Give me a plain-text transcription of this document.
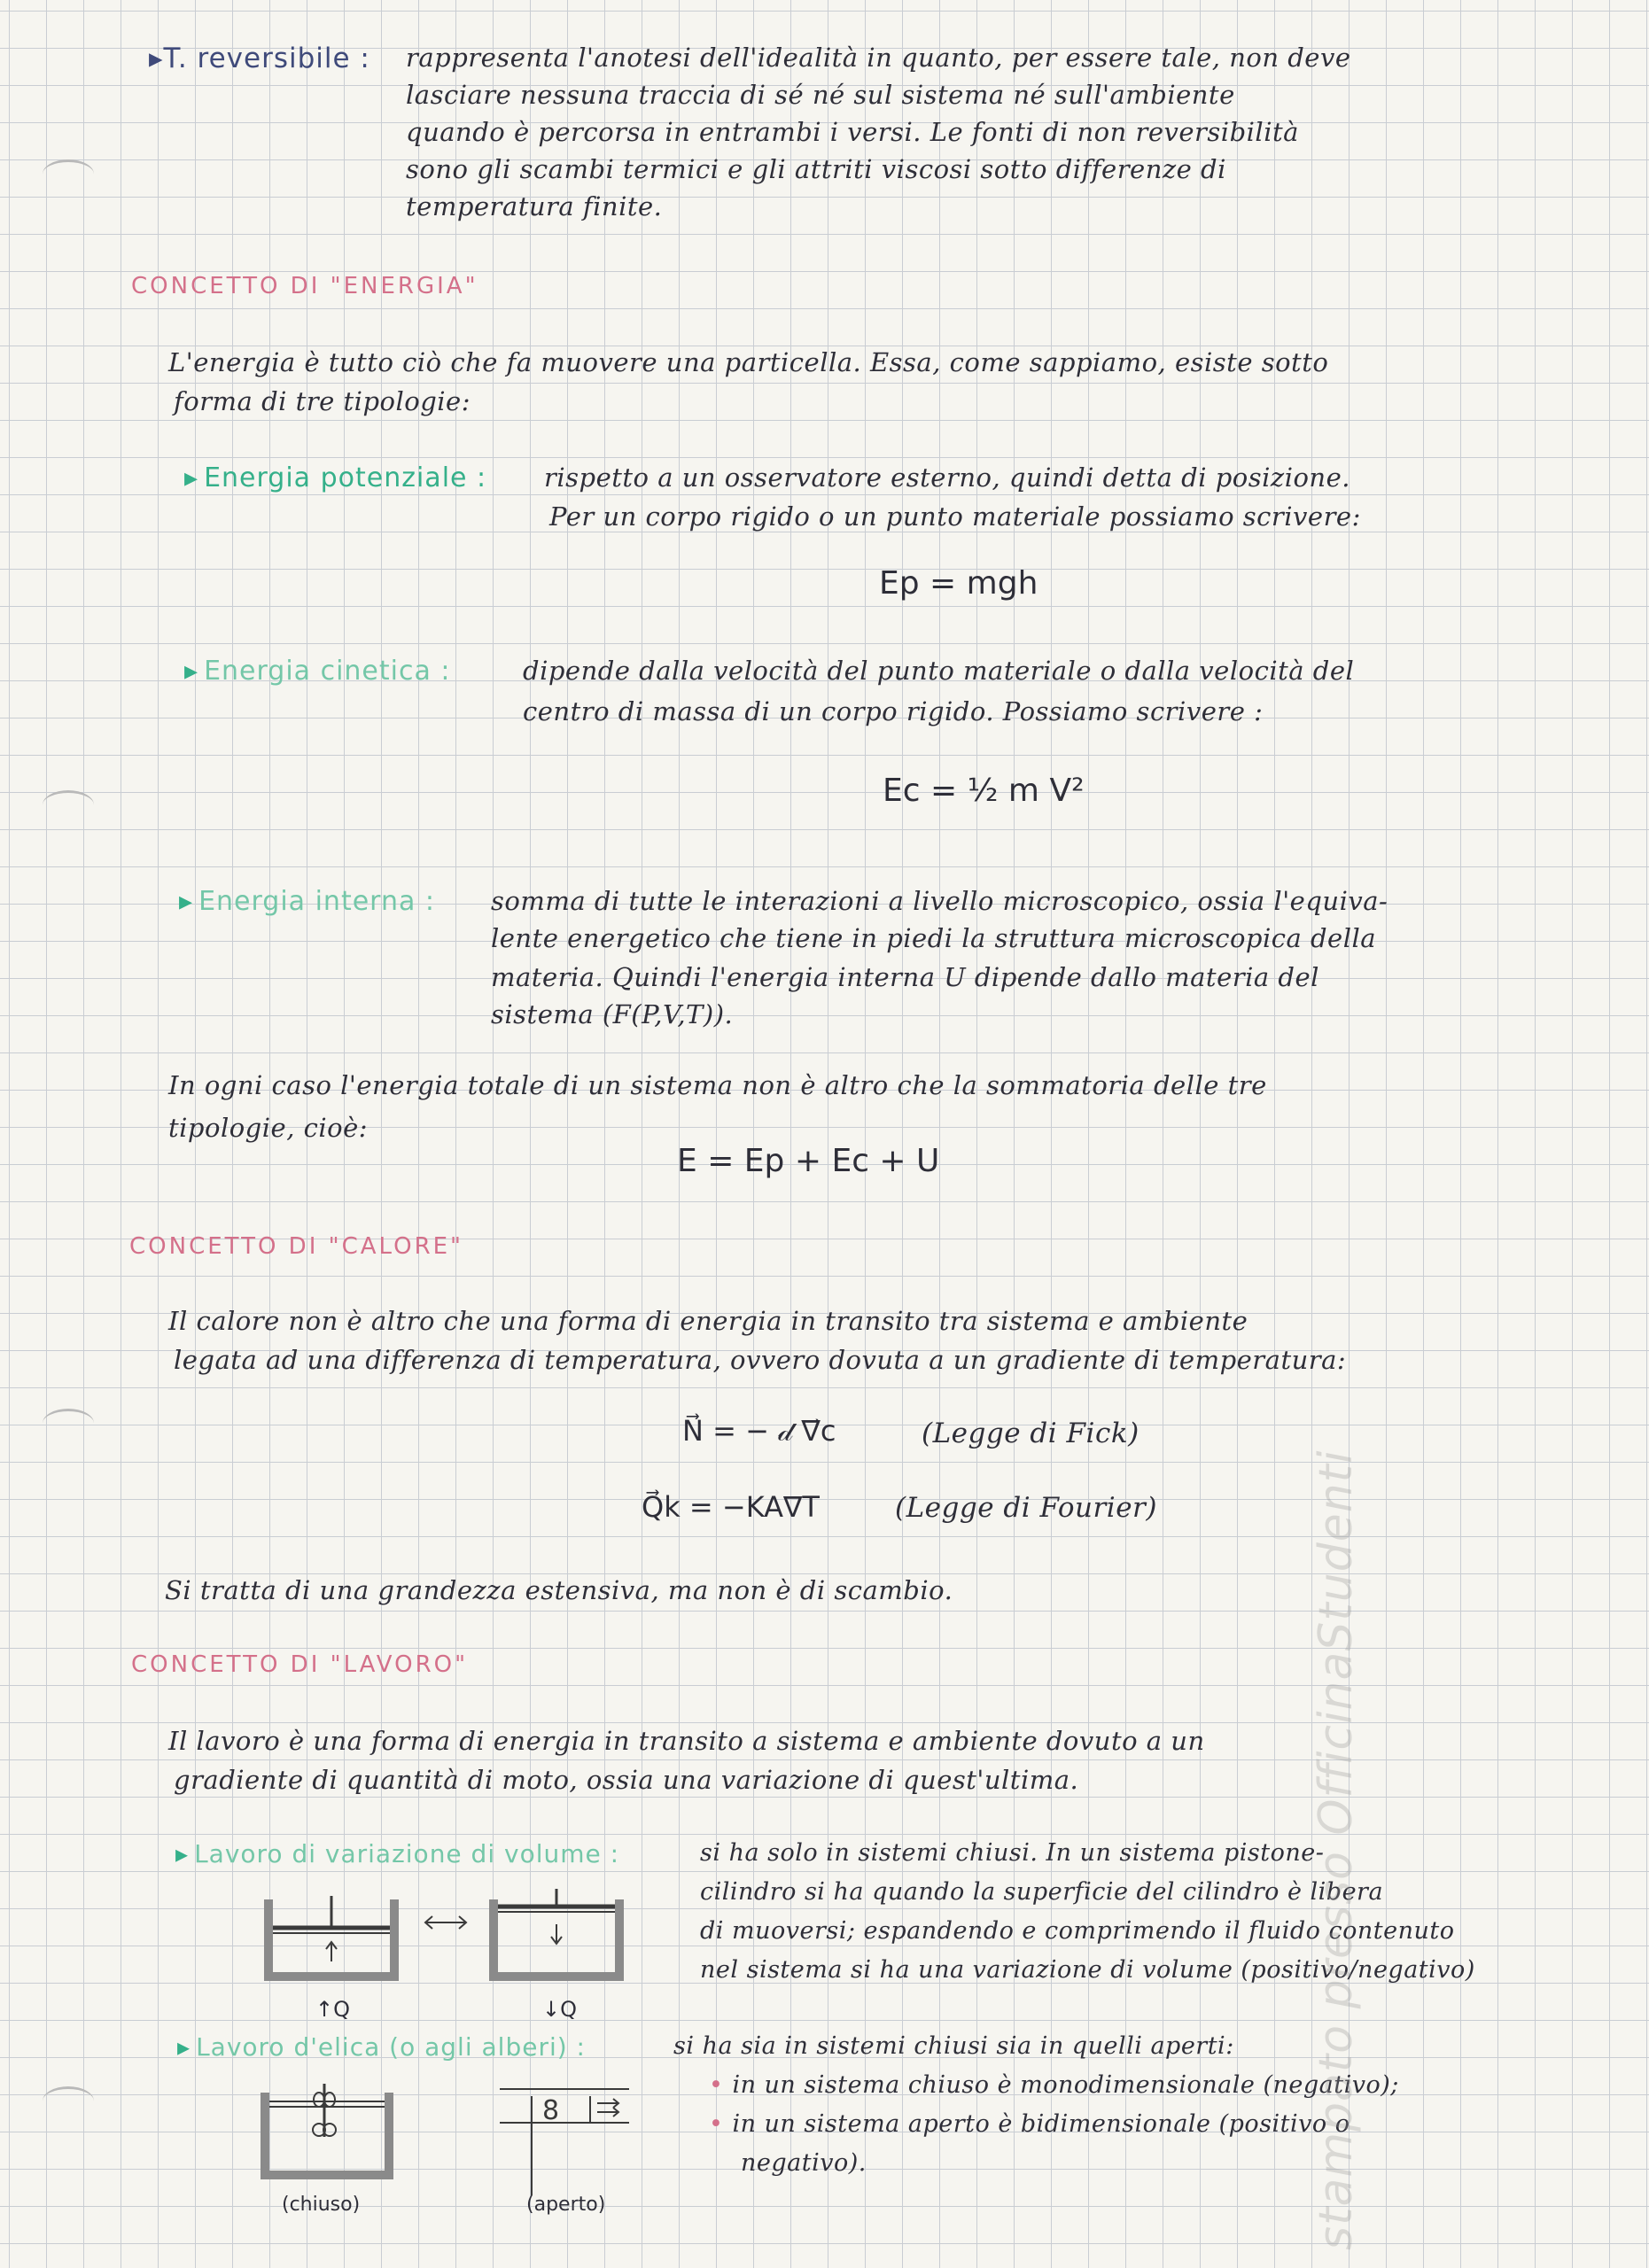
▸T. reversibile : rappresenta l'anotesi dell'idealità in quanto, per essere tale, non deve
lasciare nessuna traccia di sé né sul sistema né sull'ambiente
quando è percorsa in entrambi i versi. Le fonti di non reversibilità
sono gli scambi termici e gli attriti viscosi sotto differenze di
temperatura finite.
CONCETTO DI "ENERGIA"
L'energia è tutto ciò che fa muovere una particella. Essa, come sappiamo, esiste sotto
forma di tre tipologie:
▸ Energia potenziale : rispetto a un osservatore esterno, quindi detta di posizione.
Per un corpo rigido o un punto materiale possiamo scrivere:
Ep = mgh
▸ Energia cinetica :	dipende dalla velocità del punto materiale o dalla velocità del
centro di massa di un corpo rigido. Possiamo scrivere :
Ec = ½ m V²
▸ Energia interna : somma di tutte le interazioni a livello microscopico, ossia l'equiva-
lente energetico che tiene in piedi la struttura microscopica della
materia. Quindi l'energia interna U dipende dallo materia del
sistema (F(P,V,T)).
In ogni caso l'energia totale di un sistema non è altro che la sommatoria delle tre
tipologie, cioè:
E = Ep + Ec + U
CONCETTO DI "CALORE"
Il calore non è altro che una forma di energia in transito tra sistema e ambiente
legata ad una differenza di temperatura, ovvero dovuta a un gradiente di temperatura:
N⃗ = − 𝒹 ∇⃗c	(Legge di Fick)
Q⃗k = −KA∇T	(Legge di Fourier)
Si tratta di una grandezza estensiva, ma non è di scambio.
CONCETTO DI "LAVORO"
Il lavoro è una forma di energia in transito a sistema e ambiente dovuto a un
gradiente di quantità di moto, ossia una variazione di quest'ultima.
▸ Lavoro di variazione di volume :	si ha solo in sistemi chiusi. In un sistema pistone-
cilindro si ha quando la superficie del cilindro è libera
di muoversi; espandendo e comprimendo il fluido contenuto
nel sistema si ha una variazione di volume (positivo/negativo)
↑Q	↓Q
▸ Lavoro d'elica (o agli alberi) :	si ha sia in sistemi chiusi sia in quelli aperti:
• in un sistema chiuso è monodimensionale (negativo);
• in un sistema aperto è bidimensionale (positivo o
negativo).
(chiuso)
8
(aperto)	stampato presso OfficinaStudenti
